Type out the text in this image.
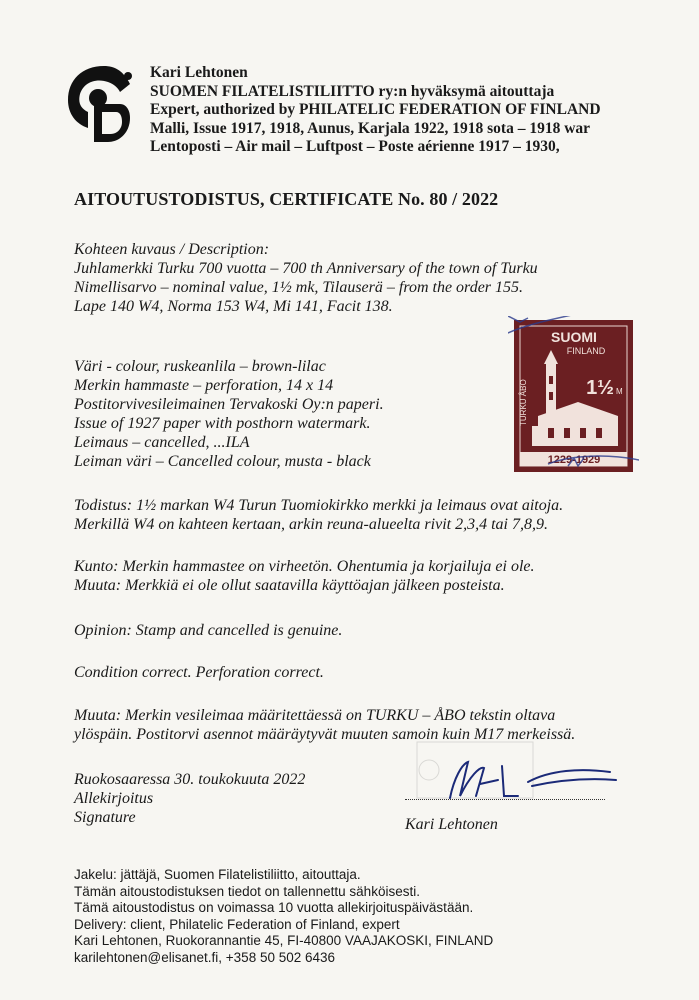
Kari Lehtonen
SUOMEN FILATELISTILIITTO ry:n hyväksymä aitouttaja
Expert, authorized by PHILATELIC FEDERATION OF FINLAND
Malli, Issue 1917, 1918, Aunus, Karjala 1922, 1918 sota – 1918 war
Lentoposti – Air mail – Luftpost – Poste aérienne 1917 – 1930,
AITOUTUSTODISTUS, CERTIFICATE No. 80 / 2022
Kohteen kuvaus / Description:
Juhlamerkki Turku 700 vuotta – 700 th Anniversary of the town of Turku
Nimellisarvo – nominal value, 1½ mk, Tilauserä – from the order 155.
Lape 140 W4, Norma 153 W4, Mi 141, Facit 138.
Väri - colour, ruskeanlila – brown-lilac
Merkin hammaste – perforation, 14 x 14
Postitorvivesileimainen Tervakoski Oy:n paperi.
Issue of 1927 paper with posthorn watermark.
Leimaus – cancelled, ...ILA
Leiman väri – Cancelled colour, musta - black
SUOMI
FINLAND
1½ M
TURKU ÅBO
1229-1929
Todistus: 1½ markan W4 Turun Tuomiokirkko merkki ja leimaus ovat aitoja.
Merkillä W4 on kahteen kertaan, arkin reuna-alueelta rivit 2,3,4 tai 7,8,9.
Kunto: Merkin hammastee on virheetön. Ohentumia ja korjailuja ei ole.
Muuta: Merkkiä ei ole ollut saatavilla käyttöajan jälkeen posteista.
Opinion: Stamp and cancelled is genuine.
Condition correct. Perforation correct.
Muuta: Merkin vesileimaa määritettäessä on TURKU – ÅBO tekstin oltava
ylöspäin. Postitorvi asennot määräytyvät muuten samoin kuin M17 merkeissä.
Ruokosaaressa 30. toukokuuta 2022
Allekirjoitus
Signature	Kari Lehtonen
Jakelu: jättäjä, Suomen Filatelistiliitto, aitouttaja.
Tämän aitoustodistuksen tiedot on tallennettu sähköisesti.
Tämä aitoustodistus on voimassa 10 vuotta allekirjoituspäivästään.
Delivery: client, Philatelic Federation of Finland, expert
Kari Lehtonen, Ruokorannantie 45, FI-40800 VAAJAKOSKI, FINLAND
karilehtonen@elisanet.fi, +358 50 502 6436
